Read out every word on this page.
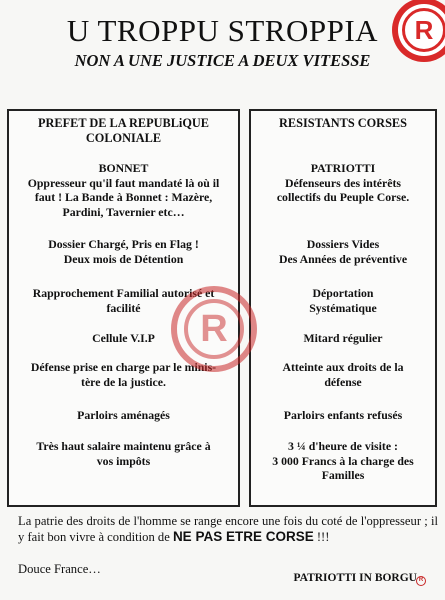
U TROPPU STROPPIA
NON A UNE JUSTICE A DEUX VITESSE
PREFET DE LA REPUBLiQUE
COLONIALE
BONNET
Oppresseur qu'il faut mandaté là où il
faut ! La Bande à Bonnet : Mazère,
Pardini, Tavernier etc…
Dossier Chargé, Pris en Flag !
Deux mois de Détention
Rapprochement Familial autorisé et
facilité
Cellule V.I.P
Défense prise en charge par le minis-
tère de la justice.
Parloirs aménagés
Très haut salaire maintenu grâce à
vos impôts
RESISTANTS CORSES
PATRIOTTI
Défenseurs des intérêts
collectifs du Peuple Corse.
Dossiers Vides
Des Années de préventive
Déportation
Systématique
Mitard régulier
Atteinte aux droits de la
défense
Parloirs enfants refusés
3 ¼ d'heure de visite :
3 000 Francs à la charge des
Familles
La patrie des droits de l'homme se range encore une fois du coté de l'oppresseur ; il y fait bon vivre à condition de NE PAS ETRE CORSE !!!
Douce France…
PATRIOTTI IN BORGU
R
R
R
